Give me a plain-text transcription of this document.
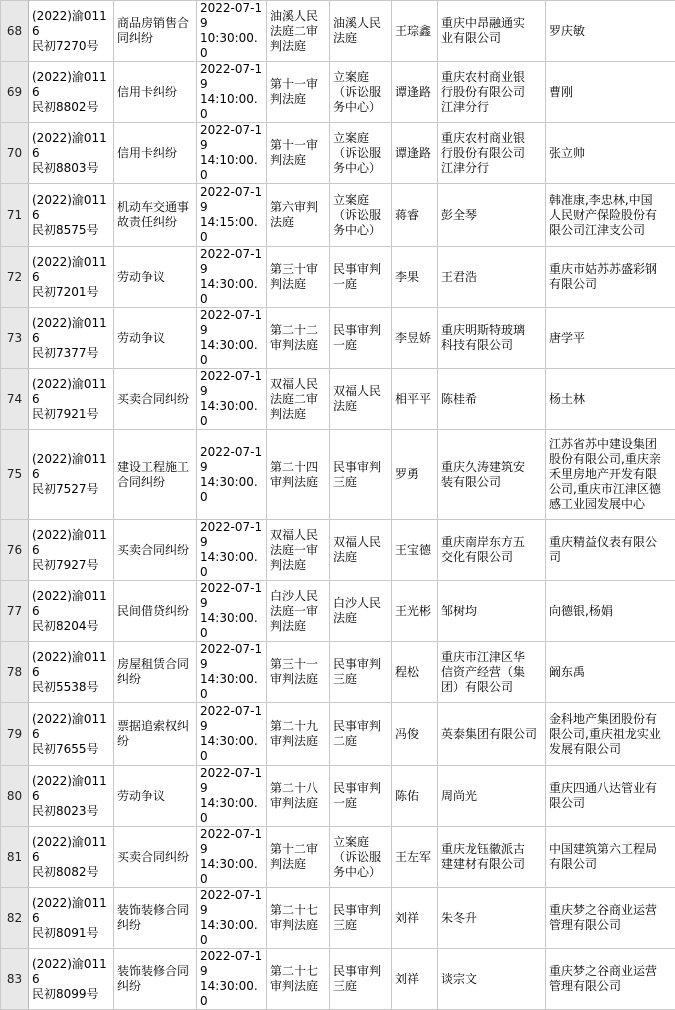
68	(2022)渝0116
民初7270号	商品房销售合
同纠纷	2022-07-19
10:30:00.0	油溪人民
法庭二审
判法庭	油溪人民
法庭	王琮鑫	重庆中昂融通实
业有限公司	罗庆敏
69	(2022)渝0116
民初8802号	信用卡纠纷	2022-07-19
14:10:00.0	第十一审
判法庭	立案庭
（诉讼服
务中心）	谭逢路	重庆农村商业银
行股份有限公司
江津分行	曹刚
70	(2022)渝0116
民初8803号	信用卡纠纷	2022-07-19
14:10:00.0	第十一审
判法庭	立案庭
（诉讼服
务中心）	谭逢路	重庆农村商业银
行股份有限公司
江津分行	张立帅
71	(2022)渝0116
民初8575号	机动车交通事
故责任纠纷	2022-07-19
14:15:00.0	第六审判
法庭	立案庭
（诉讼服
务中心）	蒋睿	彭全琴	韩准康,李忠林,中国
人民财产保险股份有
限公司江津支公司
72	(2022)渝0116
民初7201号	劳动争议	2022-07-19
14:30:00.0	第三十审
判法庭	民事审判
一庭	李果	王君浩	重庆市姑苏苏盛彩钢
有限公司
73	(2022)渝0116
民初7377号	劳动争议	2022-07-19
14:30:00.0	第二十二
审判法庭	民事审判
一庭	李昱娇	重庆明斯特玻璃
科技有限公司	唐学平
74	(2022)渝0116
民初7921号	买卖合同纠纷	2022-07-19
14:30:00.0	双福人民
法庭二审
判法庭	双福人民
法庭	相平平	陈桂希	杨土林
75	(2022)渝0116
民初7527号	建设工程施工
合同纠纷	2022-07-19
14:30:00.0	第二十四
审判法庭	民事审判
三庭	罗勇	重庆久涛建筑安
装有限公司	江苏省苏中建设集团
股份有限公司,重庆亲
禾里房地产开发有限
公司,重庆市江津区德
感工业园发展中心
76	(2022)渝0116
民初7927号	买卖合同纠纷	2022-07-19
14:30:00.0	双福人民
法庭一审
判法庭	双福人民
法庭	王宝德	重庆南岸东方五
交化有限公司	重庆精益仪表有限公
司
77	(2022)渝0116
民初8204号	民间借贷纠纷	2022-07-19
14:30:00.0	白沙人民
法庭一审
判法庭	白沙人民
法庭	王光彬	邹树均	向德银,杨娟
78	(2022)渝0116
民初5538号	房屋租赁合同
纠纷	2022-07-19
14:30:00.0	第三十一
审判法庭	民事审判
三庭	程松	重庆市江津区华
信资产经营（集
团）有限公司	阚东禹
79	(2022)渝0116
民初7655号	票据追索权纠
纷	2022-07-19
14:30:00.0	第二十九
审判法庭	民事审判
二庭	冯俊	英泰集团有限公司	金科地产集团股份有
限公司,重庆祖龙实业
发展有限公司
80	(2022)渝0116
民初8023号	劳动争议	2022-07-19
14:30:00.0	第二十八
审判法庭	民事审判
一庭	陈佑	周尚光	重庆四通八达管业有
限公司
81	(2022)渝0116
民初8082号	买卖合同纠纷	2022-07-19
14:30:00.0	第十二审
判法庭	立案庭
（诉讼服
务中心）	王左军	重庆龙钰徽派古
建建材有限公司	中国建筑第六工程局
有限公司
82	(2022)渝0116
民初8091号	装饰装修合同
纠纷	2022-07-19
14:30:00.0	第二十七
审判法庭	民事审判
三庭	刘祥	朱冬升	重庆梦之谷商业运营
管理有限公司
83	(2022)渝0116
民初8099号	装饰装修合同
纠纷	2022-07-19
14:30:00.0	第二十七
审判法庭	民事审判
三庭	刘祥	谈宗文	重庆梦之谷商业运营
管理有限公司
